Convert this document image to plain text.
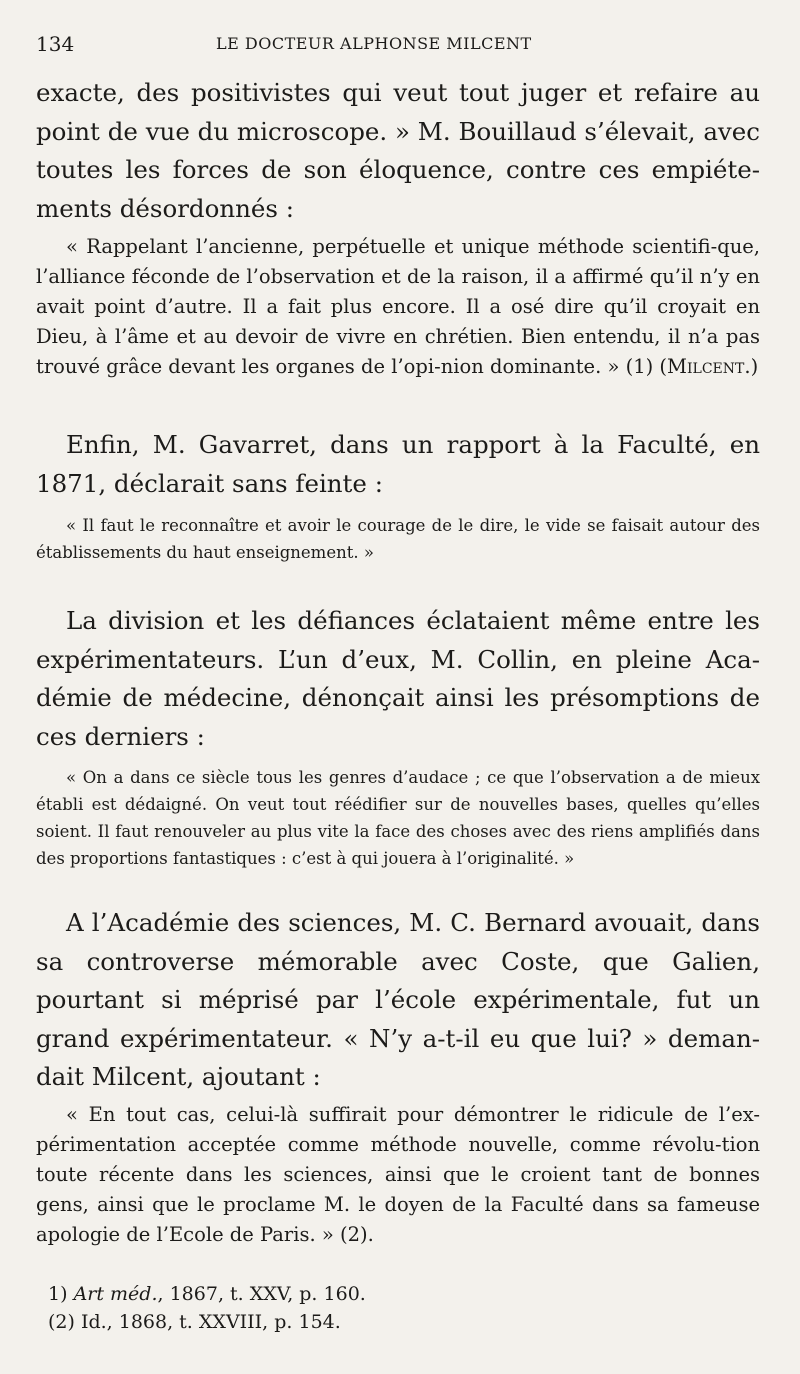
134	LE DOCTEUR ALPHONSE MILCENT

exacte, des positivistes qui veut tout juger et refaire au point de vue du microscope. » M. Bouillaud s’élevait, avec toutes les forces de son éloquence, contre ces empiéte-ments désordonnés :

« Rappelant l’ancienne, perpétuelle et unique méthode scientifi-que, l’alliance féconde de l’observation et de la raison, il a affirmé qu’il n’y en avait point d’autre. Il a fait plus encore. Il a osé dire qu’il croyait en Dieu, à l’âme et au devoir de vivre en chrétien. Bien entendu, il n’a pas trouvé grâce devant les organes de l’opi-nion dominante. » (1) (Milcent.)

Enfin, M. Gavarret, dans un rapport à la Faculté, en 1871, déclarait sans feinte :

« Il faut le reconnaître et avoir le courage de le dire, le vide se faisait autour des établissements du haut enseignement. »

La division et les défiances éclataient même entre les expérimentateurs. L’un d’eux, M. Collin, en pleine Aca-démie de médecine, dénonçait ainsi les présomptions de ces derniers :

« On a dans ce siècle tous les genres d’audace ; ce que l’observation a de mieux établi est dédaigné. On veut tout réédifier sur de nouvelles bases, quelles qu’elles soient. Il faut renouveler au plus vite la face des choses avec des riens amplifiés dans des proportions fantastiques : c’est à qui jouera à l’originalité. »

A l’Académie des sciences, M. C. Bernard avouait, dans sa controverse mémorable avec Coste, que Galien, pourtant si méprisé par l’école expérimentale, fut un grand expérimentateur. « N’y a-t-il eu que lui? » deman-dait Milcent, ajoutant :

« En tout cas, celui-là suffirait pour démontrer le ridicule de l’ex-périmentation acceptée comme méthode nouvelle, comme révolu-tion toute récente dans les sciences, ainsi que le croient tant de bonnes gens, ainsi que le proclame M. le doyen de la Faculté dans sa fameuse apologie de l’Ecole de Paris. » (2).

1) Art méd., 1867, t. XXV, p. 160.
(2) Id., 1868, t. XXVIII, p. 154.
